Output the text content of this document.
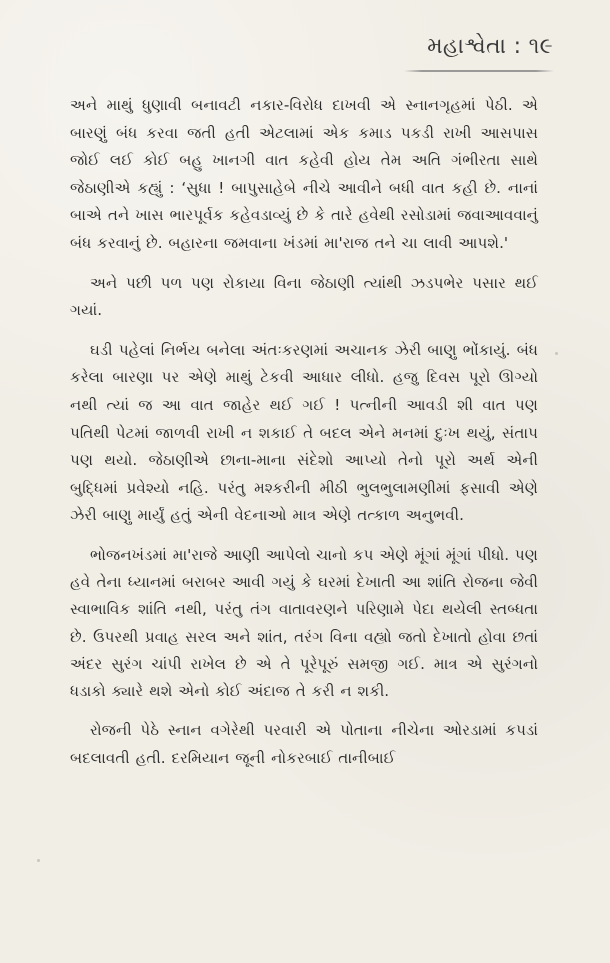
મહાશ્વેતા : ૧૯

અને માથું ધુણાવી બનાવટી નકાર-વિરોધ દાખવી એ સ્નાનગૃહમાં પેઠી. એ બારણું બંધ કરવા જતી હતી એટલામાં એક કમાડ પકડી રાખી આસપાસ જોઈ લઈ કોઈ બહુ ખાનગી વાત કહેવી હોય તેમ અતિ ગંભીરતા સાથે જેઠાણીએ કહ્યું : ‘સુધા ! બાપુસાહેબે નીચે આવીને બધી વાત કહી છે. નાનાં બાએ તને ખાસ ભારપૂર્વક કહેવડાવ્યું છે કે તારે હવેથી રસોડામાં જવાઆવવાનું બંધ કરવાનું છે. બહારના જમવાના ખંડમાં મા'રાજ તને ચા લાવી આપશે.'

અને પછી પળ પણ રોકાયા વિના જેઠાણી ત્યાંથી ઝડપભેર પસાર થઈ ગયાં.

ઘડી પહેલાં નિર્ભય બનેલા અંતઃકરણમાં અચાનક ઝેરી બાણુ ભોંકાયું. બંધ કરેલા બારણા પર એણે માથું ટેકવી આધાર લીધો. હજુ દિવસ પૂરો ઊગ્યો નથી ત્યાં જ આ વાત જાહેર થઈ ગઈ ! પત્નીની આવડી શી વાત પણ પતિથી પેટમાં જાળવી રાખી ન શકાઈ તે બદલ એને મનમાં દુઃખ થયું, સંતાપ પણ થયો. જેઠાણીએ છાના-માના સંદેશો આપ્યો તેનો પૂરો અર્થ એની બુદ્ધિમાં પ્રવેશ્યો નહિ. પરંતુ મશ્કરીની મીઠી ભુલભુલામણીમાં ફસાવી એણે ઝેરી બાણુ માર્યું હતું એની વેદનાઓ માત્ર એણે તત્કાળ અનુભવી.

ભોજનખંડમાં મા'રાજે આણી આપેલો ચાનો કપ એણે મૂંગાં મૂંગાં પીધો. પણ હવે તેના ધ્યાનમાં બરાબર આવી ગયું કે ઘરમાં દેખાતી આ શાંતિ રોજના જેવી સ્વાભાવિક શાંતિ નથી, પરંતુ તંગ વાતાવરણને પરિણામે પેદા થયેલી સ્તબ્ધતા છે. ઉપરથી પ્રવાહ સરલ અને શાંત, તરંગ વિના વહ્યો જતો દેખાતો હોવા છતાં અંદર સુરંગ ચાંપી રાખેલ છે એ તે પૂરેપૂરું સમજી ગઈ. માત્ર એ સુરંગનો ધડાકો ક્યારે થશે એનો કોઈ અંદાજ તે કરી ન શકી.

રોજની પેઠે સ્નાન વગેરેથી પરવારી એ પોતાના નીચેના ઓરડામાં કપડાં બદલાવતી હતી. દરમિયાન જૂની નોકરબાઈ તાનીબાઈ
